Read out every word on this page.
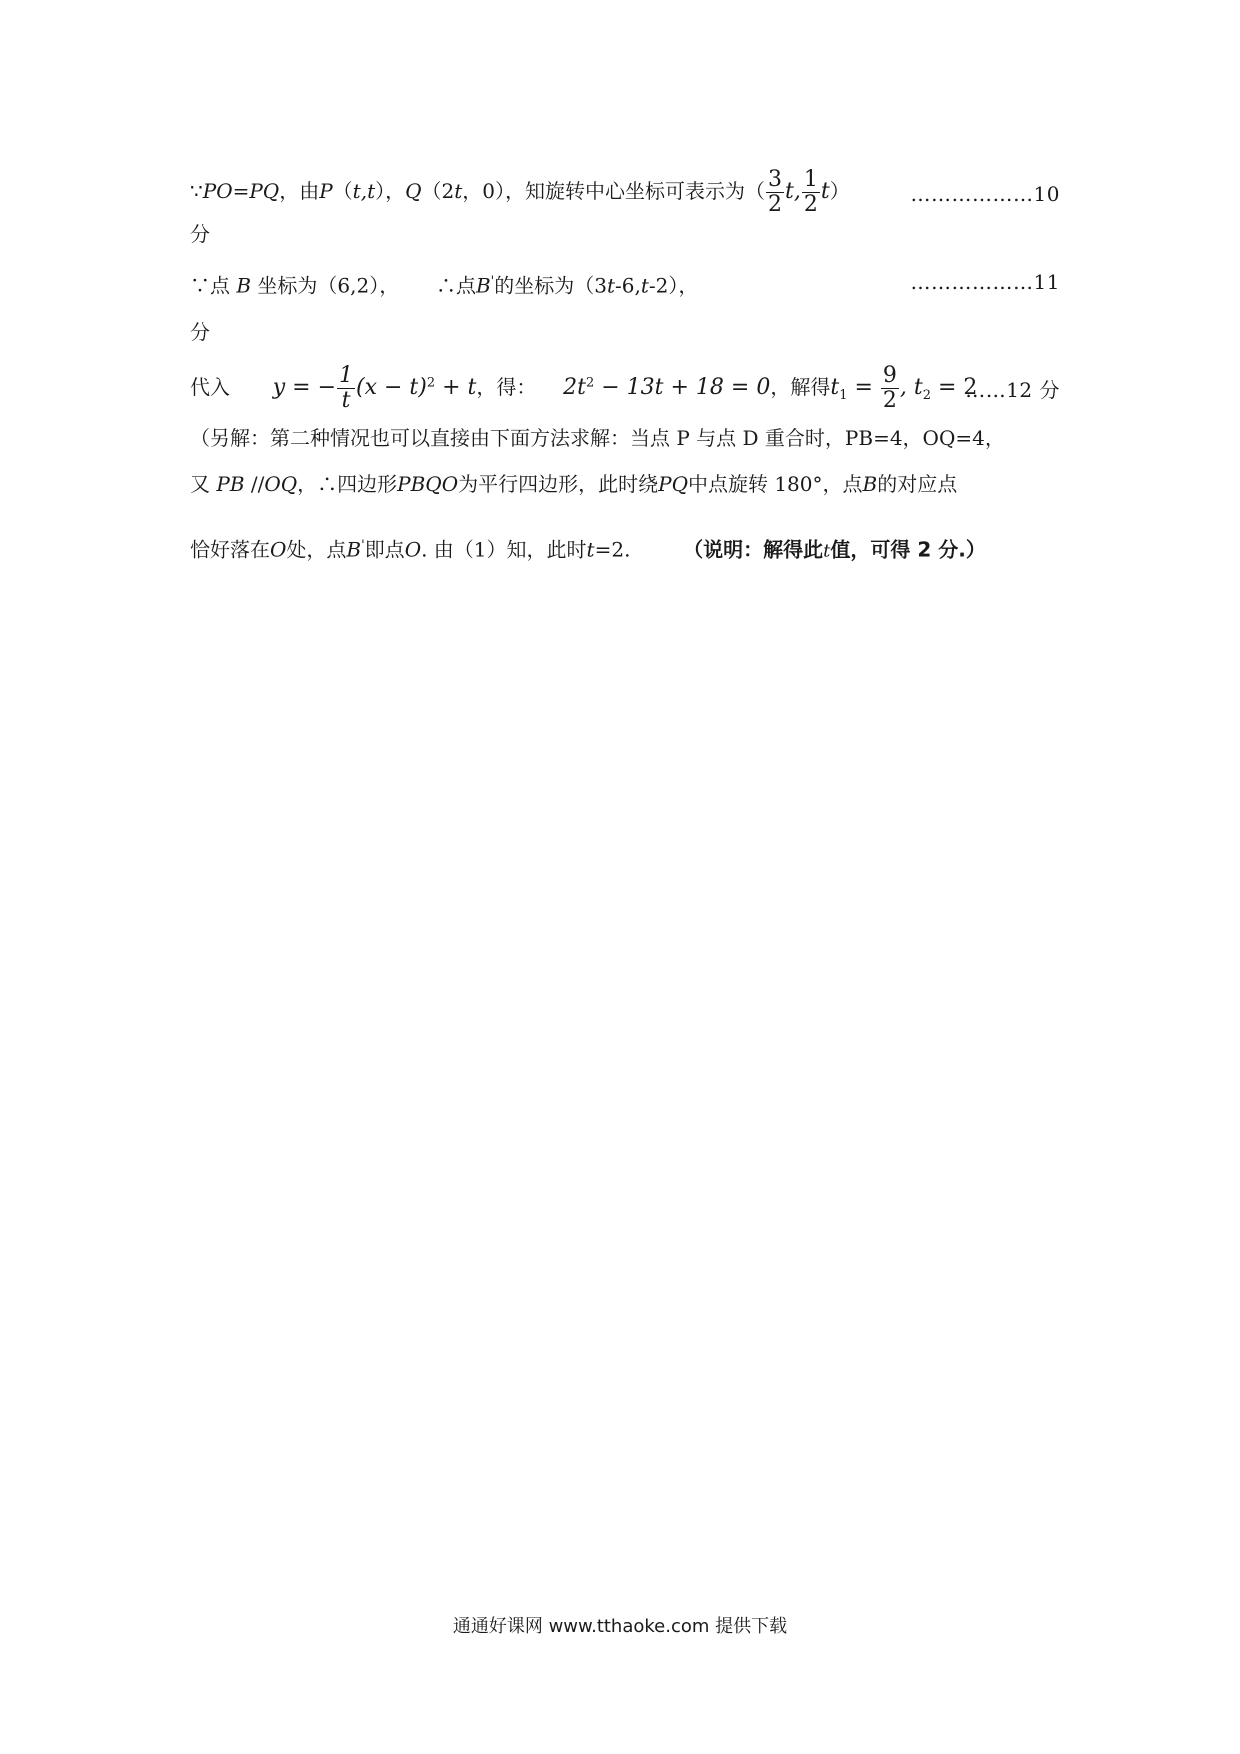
∵PO=PQ，由P（t,t），Q（2t，0），知旋转中心坐标可表示为（ $\frac{3}{2} t$, $\frac{1}{2} t$）	………………10
分
∵点 B 坐标为（6,2）， ∴点B'的坐标为（3t-6,t-2），	………………11
分
代入 y = − $\frac{1}{t} (x - t)^2 + t$，得： $2t^2 - 13t + 18 = 0$，解得$t_1 = \frac{9}{2}$ , $t_2 = 2$
……12 分
（另解：第二种情况也可以直接由下面方法求解：当点 P 与点 D 重合时，PB=4，OQ=4，
又 PB //OQ，∴四边形PBQO为平行四边形，此时绕PQ中点旋转 180°，点B的对应点
恰好落在O处，点B'即点O. 由（1）知，此时t=2.	（说明：解得此t值，可得 2 分.）
通通好课网 www.tthaoke.com 提供下载
